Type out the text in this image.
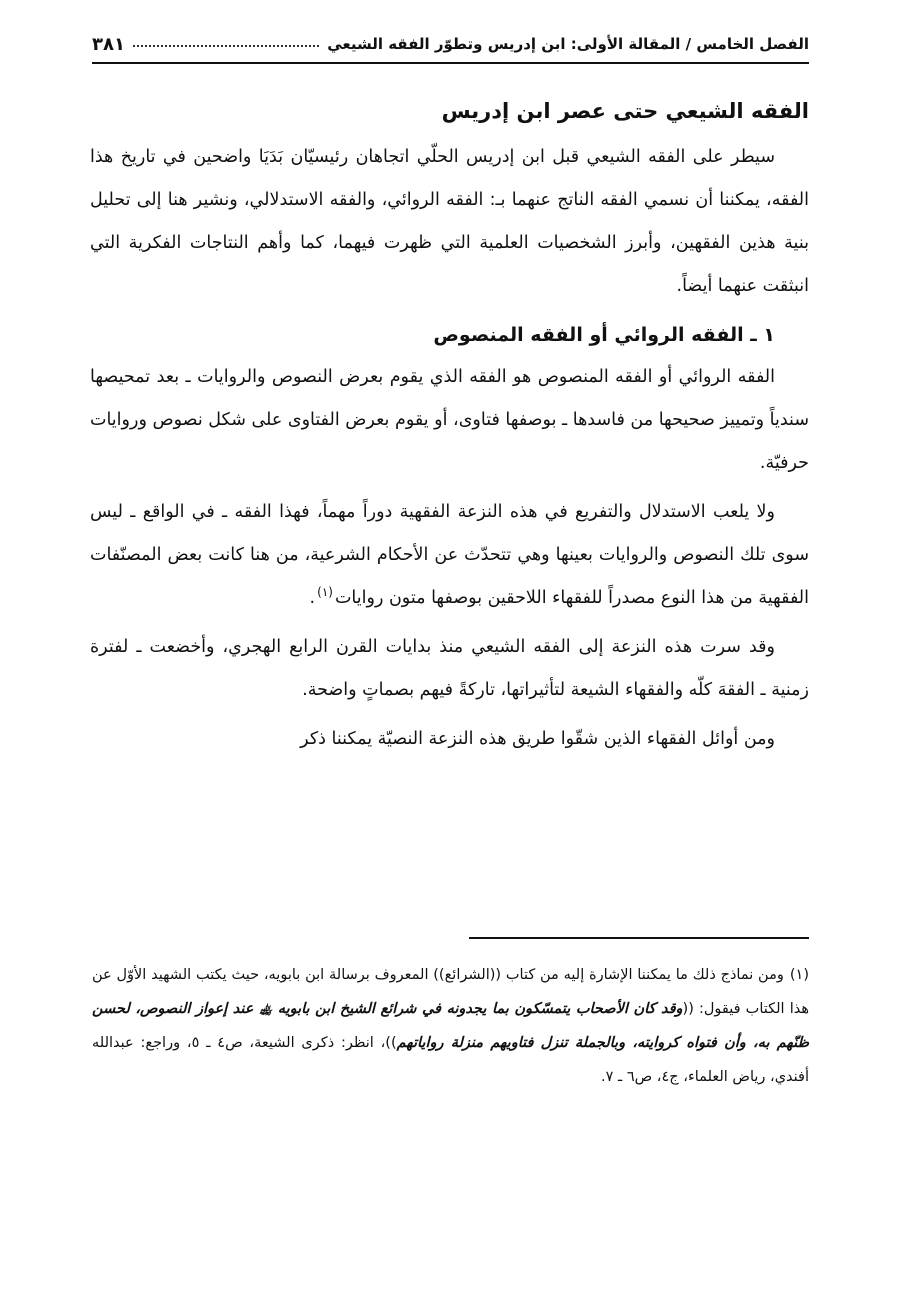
الفصل الخامس / المقالة الأولى: ابن إدريس وتطوّر الفقه الشيعي
٣٨١
الفقه الشيعي حتى عصر ابن إدريس

سيطر على الفقه الشيعي قبل ابن إدريس الحلّي اتجاهان رئيسيّان بَدَيَا واضحين في تاريخ هذا الفقه، يمكننا أن نسمي الفقه الناتج عنهما بـ: الفقه الروائي، والفقه الاستدلالي، ونشير هنا إلى تحليل بنية هذين الفقهين، وأبرز الشخصيات العلمية التي ظهرت فيهما، كما وأهم النتاجات الفكرية التي انبثقت عنهما أيضاً.

١ ـ الفقه الروائي أو الفقه المنصوص

الفقه الروائي أو الفقه المنصوص هو الفقه الذي يقوم بعرض النصوص والروايات ـ بعد تمحيصها سندياً وتمييز صحيحها من فاسدها ـ بوصفها فتاوى، أو يقوم بعرض الفتاوى على شكل نصوص وروايات حرفيّة.

ولا يلعب الاستدلال والتفريع في هذه النزعة الفقهية دوراً مهماً، فهذا الفقه ـ في الواقع ـ ليس سوى تلك النصوص والروايات بعينها وهي تتحدّث عن الأحكام الشرعية، من هنا كانت بعض المصنّفات الفقهية من هذا النوع مصدراً للفقهاء اللاحقين بوصفها متون روايات$^{(١)}$.

وقد سرت هذه النزعة إلى الفقه الشيعي منذ بدايات القرن الرابع الهجري، وأخضعت ـ لفترة زمنية ـ الفقهَ كلّه والفقهاء الشيعة لتأثيراتها، تاركةً فيهم بصماتٍ واضحة.

ومن أوائل الفقهاء الذين شقّوا طريق هذه النزعة النصيّة يمكننا ذكر

(١)ومن نماذج ذلك ما يمكننا الإشارة إليه من كتاب ((الشرائع)) المعروف برسالة ابن بابويه، حيث يكتب الشهيد الأوّل عن هذا الكتاب فيقول: ((وقد كان الأصحاب يتمسّكون بما يجدونه في شرائع الشيخ ابن بابويه ﵀ عند إعواز النصوص، لحسن ظنّهم به، وأن فتواه كروايته، وبالجملة تنزل فتاويهم منزلة رواياتهم))، انظر: ذكرى الشيعة، ص٤ ـ ٥، وراجع: عبدالله أفندي، رياض العلماء، ج٤، ص٦ ـ ٧.
